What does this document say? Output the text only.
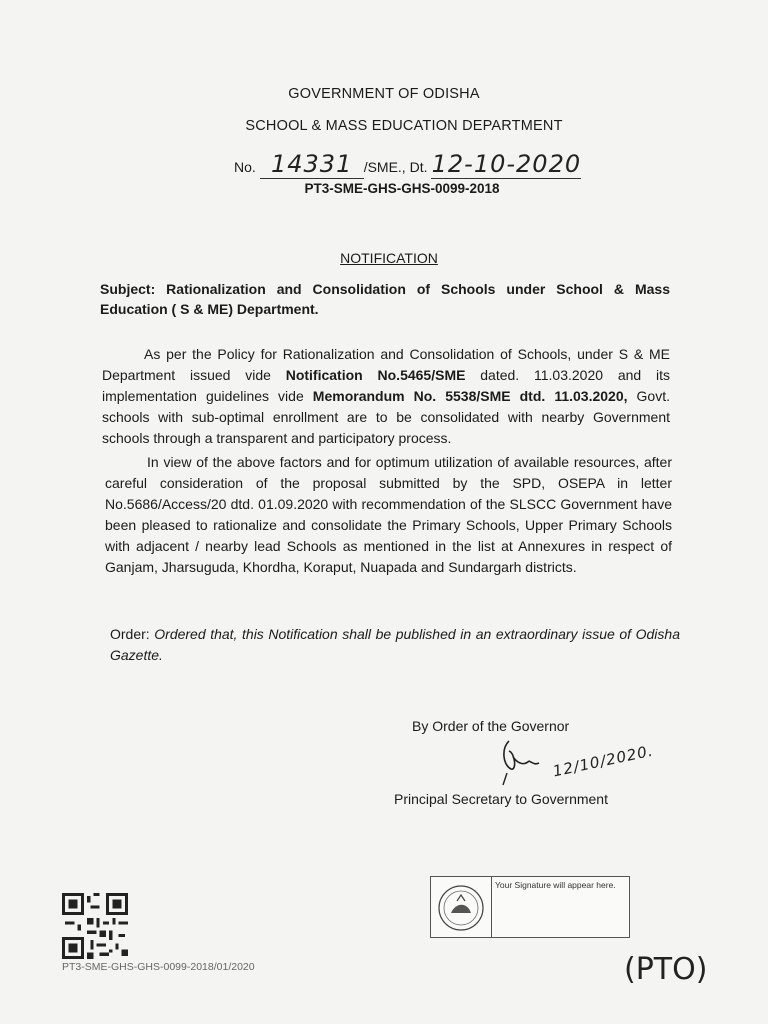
GOVERNMENT OF ODISHA
SCHOOL & MASS EDUCATION DEPARTMENT
No. 14331 /SME., Dt. 12-10-2020
PT3-SME-GHS-GHS-0099-2018
NOTIFICATION
Subject: Rationalization and Consolidation of Schools under School & Mass Education ( S & ME) Department.
As per the Policy for Rationalization and Consolidation of Schools, under S & ME Department issued vide Notification No.5465/SME dated. 11.03.2020 and its implementation guidelines vide Memorandum No. 5538/SME dtd. 11.03.2020, Govt. schools with sub-optimal enrollment are to be consolidated with nearby Government schools through a transparent and participatory process.
In view of the above factors and for optimum utilization of available resources, after careful consideration of the proposal submitted by the SPD, OSEPA in letter No.5686/Access/20 dtd. 01.09.2020 with recommendation of the SLSCC Government have been pleased to rationalize and consolidate the Primary Schools, Upper Primary Schools with adjacent / nearby lead Schools as mentioned in the list at Annexures in respect of Ganjam, Jharsuguda, Khordha, Koraput, Nuapada and Sundargarh districts.
Order: Ordered that, this Notification shall be published in an extraordinary issue of Odisha Gazette.
By Order of the Governor
12/10/2020.
Principal Secretary to Government
Your Signature will appear here.
PT3-SME-GHS-GHS-0099-2018/01/2020	(PTO)
